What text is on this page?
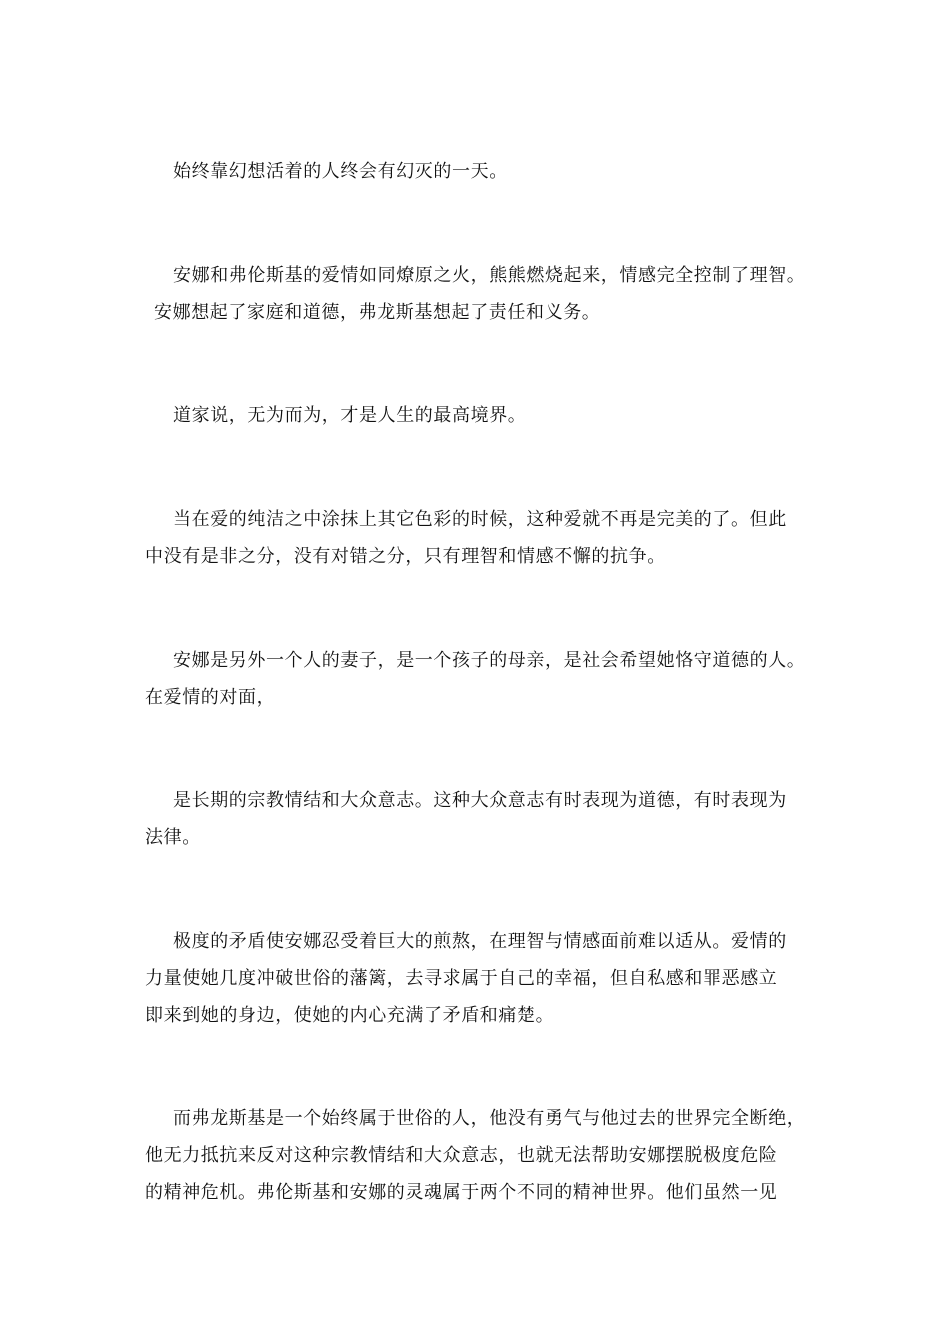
始终靠幻想活着的人终会有幻灭的一天。
安娜和弗伦斯基的爱情如同燎原之火，熊熊燃烧起来，情感完全控制了理智。
安娜想起了家庭和道德，弗龙斯基想起了责任和义务。
道家说，无为而为，才是人生的最高境界。
当在爱的纯洁之中涂抹上其它色彩的时候，这种爱就不再是完美的了。但此
中没有是非之分，没有对错之分，只有理智和情感不懈的抗争。
安娜是另外一个人的妻子，是一个孩子的母亲，是社会希望她恪守道德的人。
在爱情的对面，
是长期的宗教情结和大众意志。这种大众意志有时表现为道德，有时表现为
法律。
极度的矛盾使安娜忍受着巨大的煎熬，在理智与情感面前难以适从。爱情的
力量使她几度冲破世俗的藩篱，去寻求属于自己的幸福，但自私感和罪恶感立
即来到她的身边，使她的内心充满了矛盾和痛楚。
而弗龙斯基是一个始终属于世俗的人，他没有勇气与他过去的世界完全断绝，
他无力抵抗来反对这种宗教情结和大众意志，也就无法帮助安娜摆脱极度危险
的精神危机。弗伦斯基和安娜的灵魂属于两个不同的精神世界。他们虽然一见
